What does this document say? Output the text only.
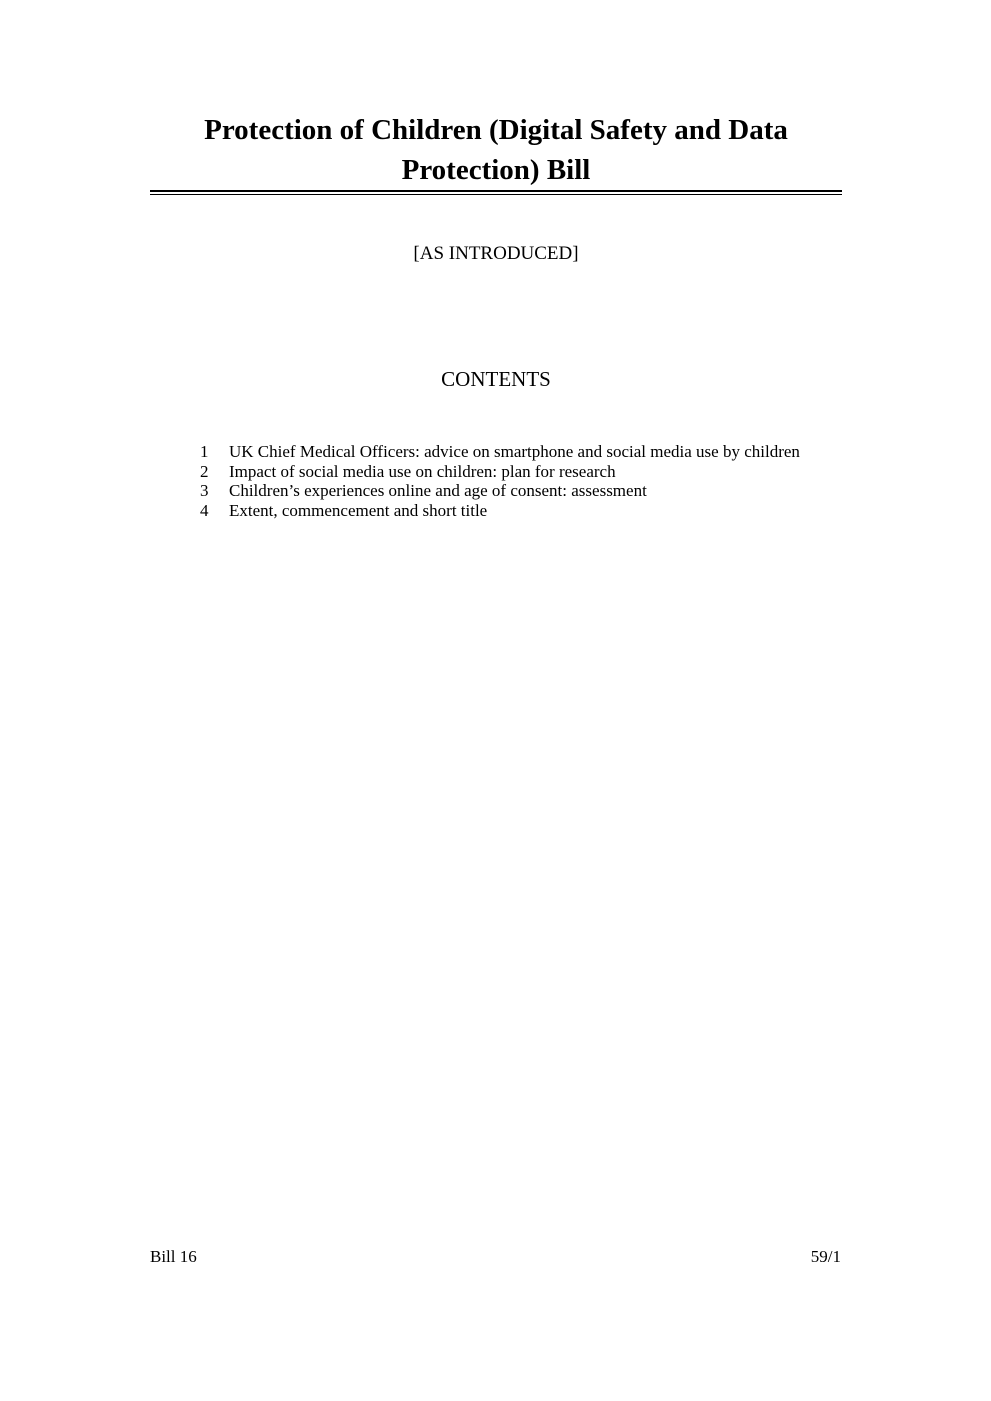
Protection of Children (Digital Safety and Data Protection) Bill
[AS INTRODUCED]
CONTENTS
1	UK Chief Medical Officers: advice on smartphone and social media use by children
2	Impact of social media use on children: plan for research
3	Children’s experiences online and age of consent: assessment
4	Extent, commencement and short title
Bill 16	59/1
